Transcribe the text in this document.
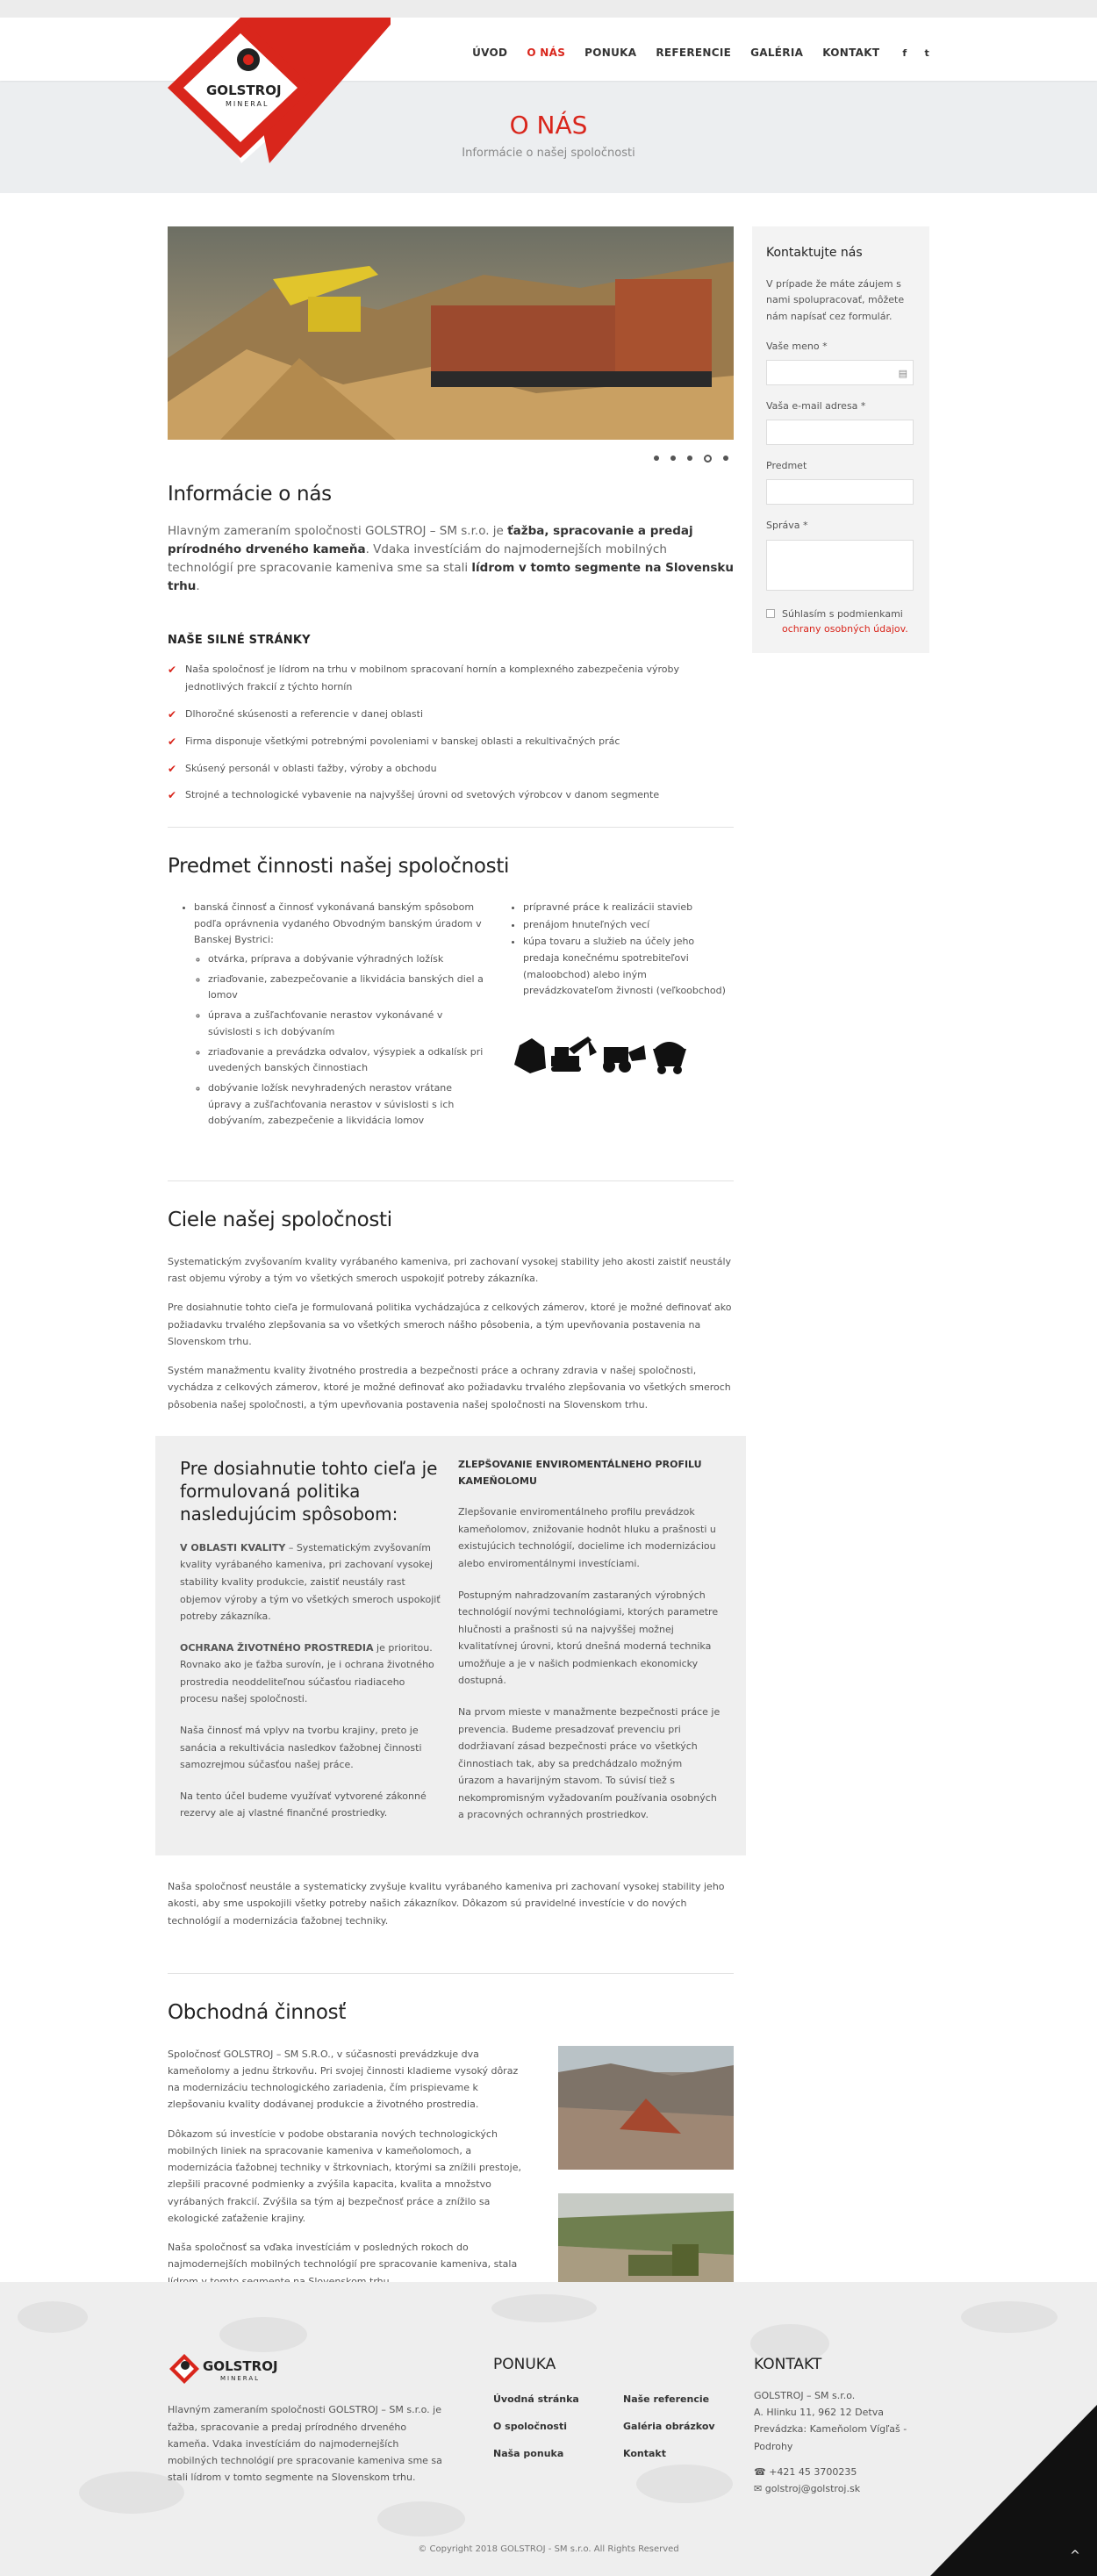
GOLSTROJ
MINERAL
ÚVOD O NÁS PONUKA REFERENCIE GALÉRIA KONTAKT f t
O NÁS

Informácie o našej spoločnosti

Informácie o nás

Hlavným zameraním spoločnosti GOLSTROJ – SM s.r.o. je ťažba, spracovanie a predaj prírodného drveného kameňa. Vdaka investíciám do najmodernejších mobilných technológií pre spracovanie kameniva sme sa stali lídrom v tomto segmente na Slovensku trhu.

NAŠE SILNÉ STRÁNKY
✔ Naša spoločnosť je lídrom na trhu v mobilnom spracovaní hornín a komplexného zabezpečenia výroby jednotlivých frakcií z týchto hornín
✔ Dlhoročné skúsenosti a referencie v danej oblasti
✔ Firma disponuje všetkými potrebnými povoleniami v banskej oblasti a rekultivačných prác
✔ Skúsený personál v oblasti ťažby, výroby a obchodu
✔ Strojné a technologické vybavenie na najvyššej úrovni od svetových výrobcov v danom segmente
Predmet činnosti našej spoločnosti
• banská činnosť a činnosť vykonávaná banským spôsobom podľa oprávnenia vydaného Obvodným banským úradom v Banskej Bystrici:
◦ otvárka, príprava a dobývanie výhradných ložísk
◦ zriaďovanie, zabezpečovanie a likvidácia banských diel a lomov
◦ úprava a zušľachťovanie nerastov vykonávané v súvislosti s ich dobývaním
◦ zriaďovanie a prevádzka odvalov, výsypiek a odkalísk pri uvedených banských činnostiach
◦ dobývanie ložísk nevyhradených nerastov vrátane úpravy a zušľachťovania nerastov v súvislosti s ich dobývaním, zabezpečenie a likvidácia lomov
• prípravné práce k realizácii stavieb
• prenájom hnuteľných vecí
• kúpa tovaru a služieb na účely jeho predaja konečnému spotrebiteľovi (maloobchod) alebo iným prevádzkovateľom živnosti (veľkoobchod)
Ciele našej spoločnosti

Systematickým zvyšovaním kvality vyrábaného kameniva, pri zachovaní vysokej stability jeho akosti zaistiť neustály rast objemu výroby a tým vo všetkých smeroch uspokojiť potreby zákazníka.

Pre dosiahnutie tohto cieľa je formulovaná politika vychádzajúca z celkových zámerov, ktoré je možné definovať ako požiadavku trvalého zlepšovania sa vo všetkých smeroch nášho pôsobenia, a tým upevňovania postavenia na Slovenskom trhu.

Systém manažmentu kvality životného prostredia a bezpečnosti práce a ochrany zdravia v našej spoločnosti, vychádza z celkových zámerov, ktoré je možné definovať ako požiadavku trvalého zlepšovania vo všetkých smeroch pôsobenia našej spoločnosti, a tým upevňovania postavenia našej spoločnosti na Slovenskom trhu.

Pre dosiahnutie tohto cieľa je formulovaná politika nasledujúcim spôsobom:

V OBLASTI KVALITY – Systematickým zvyšovaním kvality vyrábaného kameniva, pri zachovaní vysokej stability kvality produkcie, zaistiť neustály rast objemov výroby a tým vo všetkých smeroch uspokojiť potreby zákazníka.

OCHRANA ŽIVOTNÉHO PROSTREDIA je prioritou. Rovnako ako je ťažba surovín, je i ochrana životného prostredia neoddeliteľnou súčasťou riadiaceho procesu našej spoločnosti.

Naša činnosť má vplyv na tvorbu krajiny, preto je sanácia a rekultivácia nasledkov ťažobnej činnosti samozrejmou súčasťou našej práce.

Na tento účel budeme využívať vytvorené zákonné rezervy ale aj vlastné finančné prostriedky.

ZLEPŠOVANIE ENVIROMENTÁLNEHO PROFILU KAMEŇOLOMU

Zlepšovanie enviromentálneho profilu prevádzok kameňolomov, znižovanie hodnôt hluku a prašnosti u existujúcich technológií, docielime ich modernizáciou alebo enviromentálnymi investíciami.

Postupným nahradzovaním zastaraných výrobných technológií novými technológiami, ktorých parametre hlučnosti a prašnosti sú na najvyššej možnej kvalitatívnej úrovni, ktorú dnešná moderná technika umožňuje a je v našich podmienkach ekonomicky dostupná.

Na prvom mieste v manažmente bezpečnosti práce je prevencia. Budeme presadzovať prevenciu pri dodržiavaní zásad bezpečnosti práce vo všetkých činnostiach tak, aby sa predchádzalo možným úrazom a havarijným stavom. To súvisí tiež s nekompromisným vyžadovaním používania osobných a pracovných ochranných prostriedkov.

Naša spoločnosť neustále a systematicky zvyšuje kvalitu vyrábaného kameniva pri zachovaní vysokej stability jeho akosti, aby sme uspokojili všetky potreby našich zákazníkov. Dôkazom sú pravidelné investície v do nových technológií a modernizácia ťažobnej techniky.

Obchodná činnosť

Spoločnosť GOLSTROJ – SM S.R.O., v súčasnosti prevádzkuje dva kameňolomy a jednu štrkovňu. Pri svojej činnosti kladieme vysoký dôraz na modernizáciu technologického zariadenia, čím prispievame k zlepšovaniu kvality dodávanej produkcie a životného prostredia.

Dôkazom sú investície v podobe obstarania nových technologických mobilných liniek na spracovanie kameniva v kameňolomoch, a modernizácia ťažobnej techniky v štrkovniach, ktorými sa znížili prestoje, zlepšili pracovné podmienky a zvýšila kapacita, kvalita a množstvo vyrábaných frakcií. Zvýšila sa tým aj bezpečnosť práce a znížilo sa ekologické zaťaženie krajiny.

Naša spoločnosť sa vďaka investíciám v posledných rokoch do najmodernejších mobilných technológií pre spracovanie kameniva, stala

Kontaktujte nás

V prípade že máte záujem s nami spolupracovať, môžete nám napísať cez formulár.

Vaše meno *
▤
Vaša e-mail adresa *
Predmet
Správa *
Súhlasím s podmienkami ochrany osobných údajov.
GOLSTROJ
MINERAL

Hlavným zameraním spoločnosti GOLSTROJ – SM s.r.o. je ťažba, spracovanie a predaj prírodného drveného kameňa. Vdaka investíciám do najmodernejších mobilných technológií pre spracovanie kameniva sme sa stali lídrom v tomto segmente na Slovenskom trhu.

PONUKA
Úvodná stránka
O spoločnosti
Naša ponuka
Naše referencie
Galéria obrázkov
Kontakt
KONTAKT

GOLSTROJ – SM s.r.o.

A. Hlinku 11, 962 12 Detva

Prevádzka: Kameňolom Vígľaš - Podrohy

☎ +421 45 3700235

✉ golstroj@golstroj.sk

© Copyright 2018 GOLSTROJ - SM s.r.o. All Rights Reserved	^
